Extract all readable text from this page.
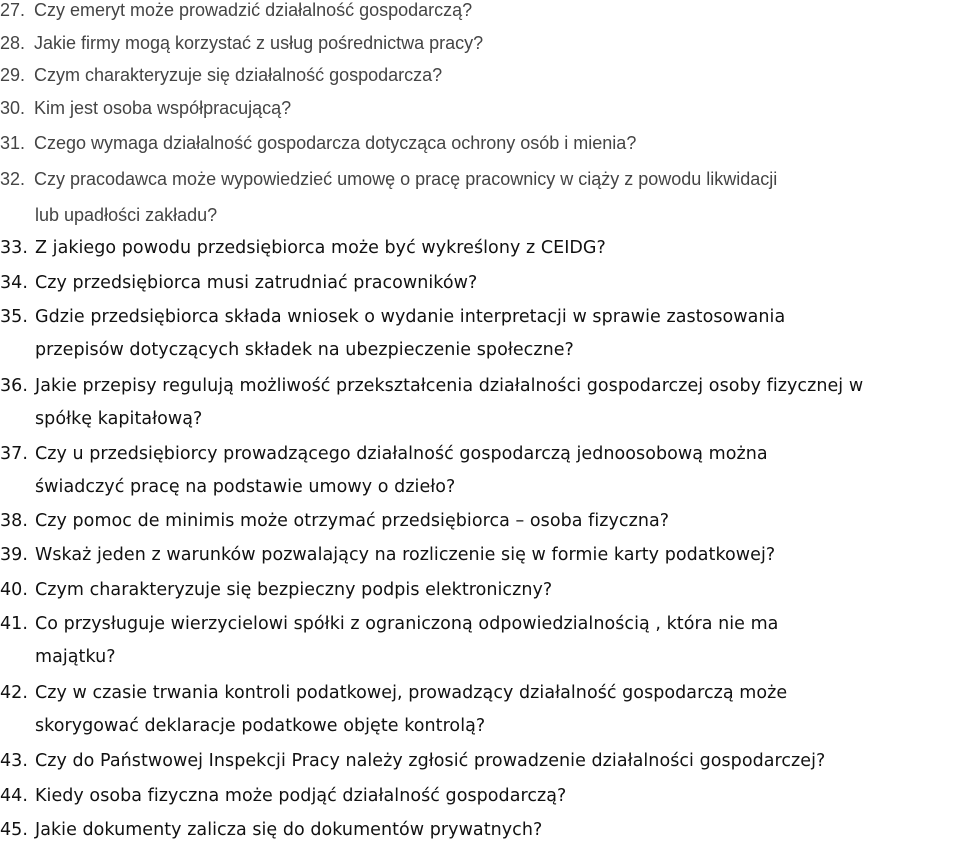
27. Czy emeryt może prowadzić działalność gospodarczą?
28. Jakie firmy mogą korzystać z usług pośrednictwa pracy?
29. Czym charakteryzuje się działalność gospodarcza?
30. Kim jest osoba współpracującą?
31. Czego wymaga działalność gospodarcza dotycząca ochrony osób i mienia?
32. Czy pracodawca może wypowiedzieć umowę o pracę pracownicy w ciąży z powodu likwidacji
lub upadłości zakładu?
33. Z jakiego powodu przedsiębiorca może być wykreślony z CEIDG?
34. Czy przedsiębiorca musi zatrudniać pracowników?
35. Gdzie przedsiębiorca składa wniosek o wydanie interpretacji w sprawie zastosowania
przepisów dotyczących składek na ubezpieczenie społeczne?
36. Jakie przepisy regulują możliwość przekształcenia działalności gospodarczej osoby fizycznej w
spółkę kapitałową?
37. Czy u przedsiębiorcy prowadzącego działalność gospodarczą jednoosobową można
świadczyć pracę na podstawie umowy o dzieło?
38. Czy pomoc de minimis może otrzymać przedsiębiorca – osoba fizyczna?
39. Wskaż jeden z warunków pozwalający na rozliczenie się w formie karty podatkowej?
40. Czym charakteryzuje się bezpieczny podpis elektroniczny?
41. Co przysługuje wierzycielowi spółki z ograniczoną odpowiedzialnością , która nie ma
majątku?
42. Czy w czasie trwania kontroli podatkowej, prowadzący działalność gospodarczą może
skorygować deklaracje podatkowe objęte kontrolą?
43. Czy do Państwowej Inspekcji Pracy należy zgłosić prowadzenie działalności gospodarczej?
44. Kiedy osoba fizyczna może podjąć działalność gospodarczą?
45. Jakie dokumenty zalicza się do dokumentów prywatnych?
